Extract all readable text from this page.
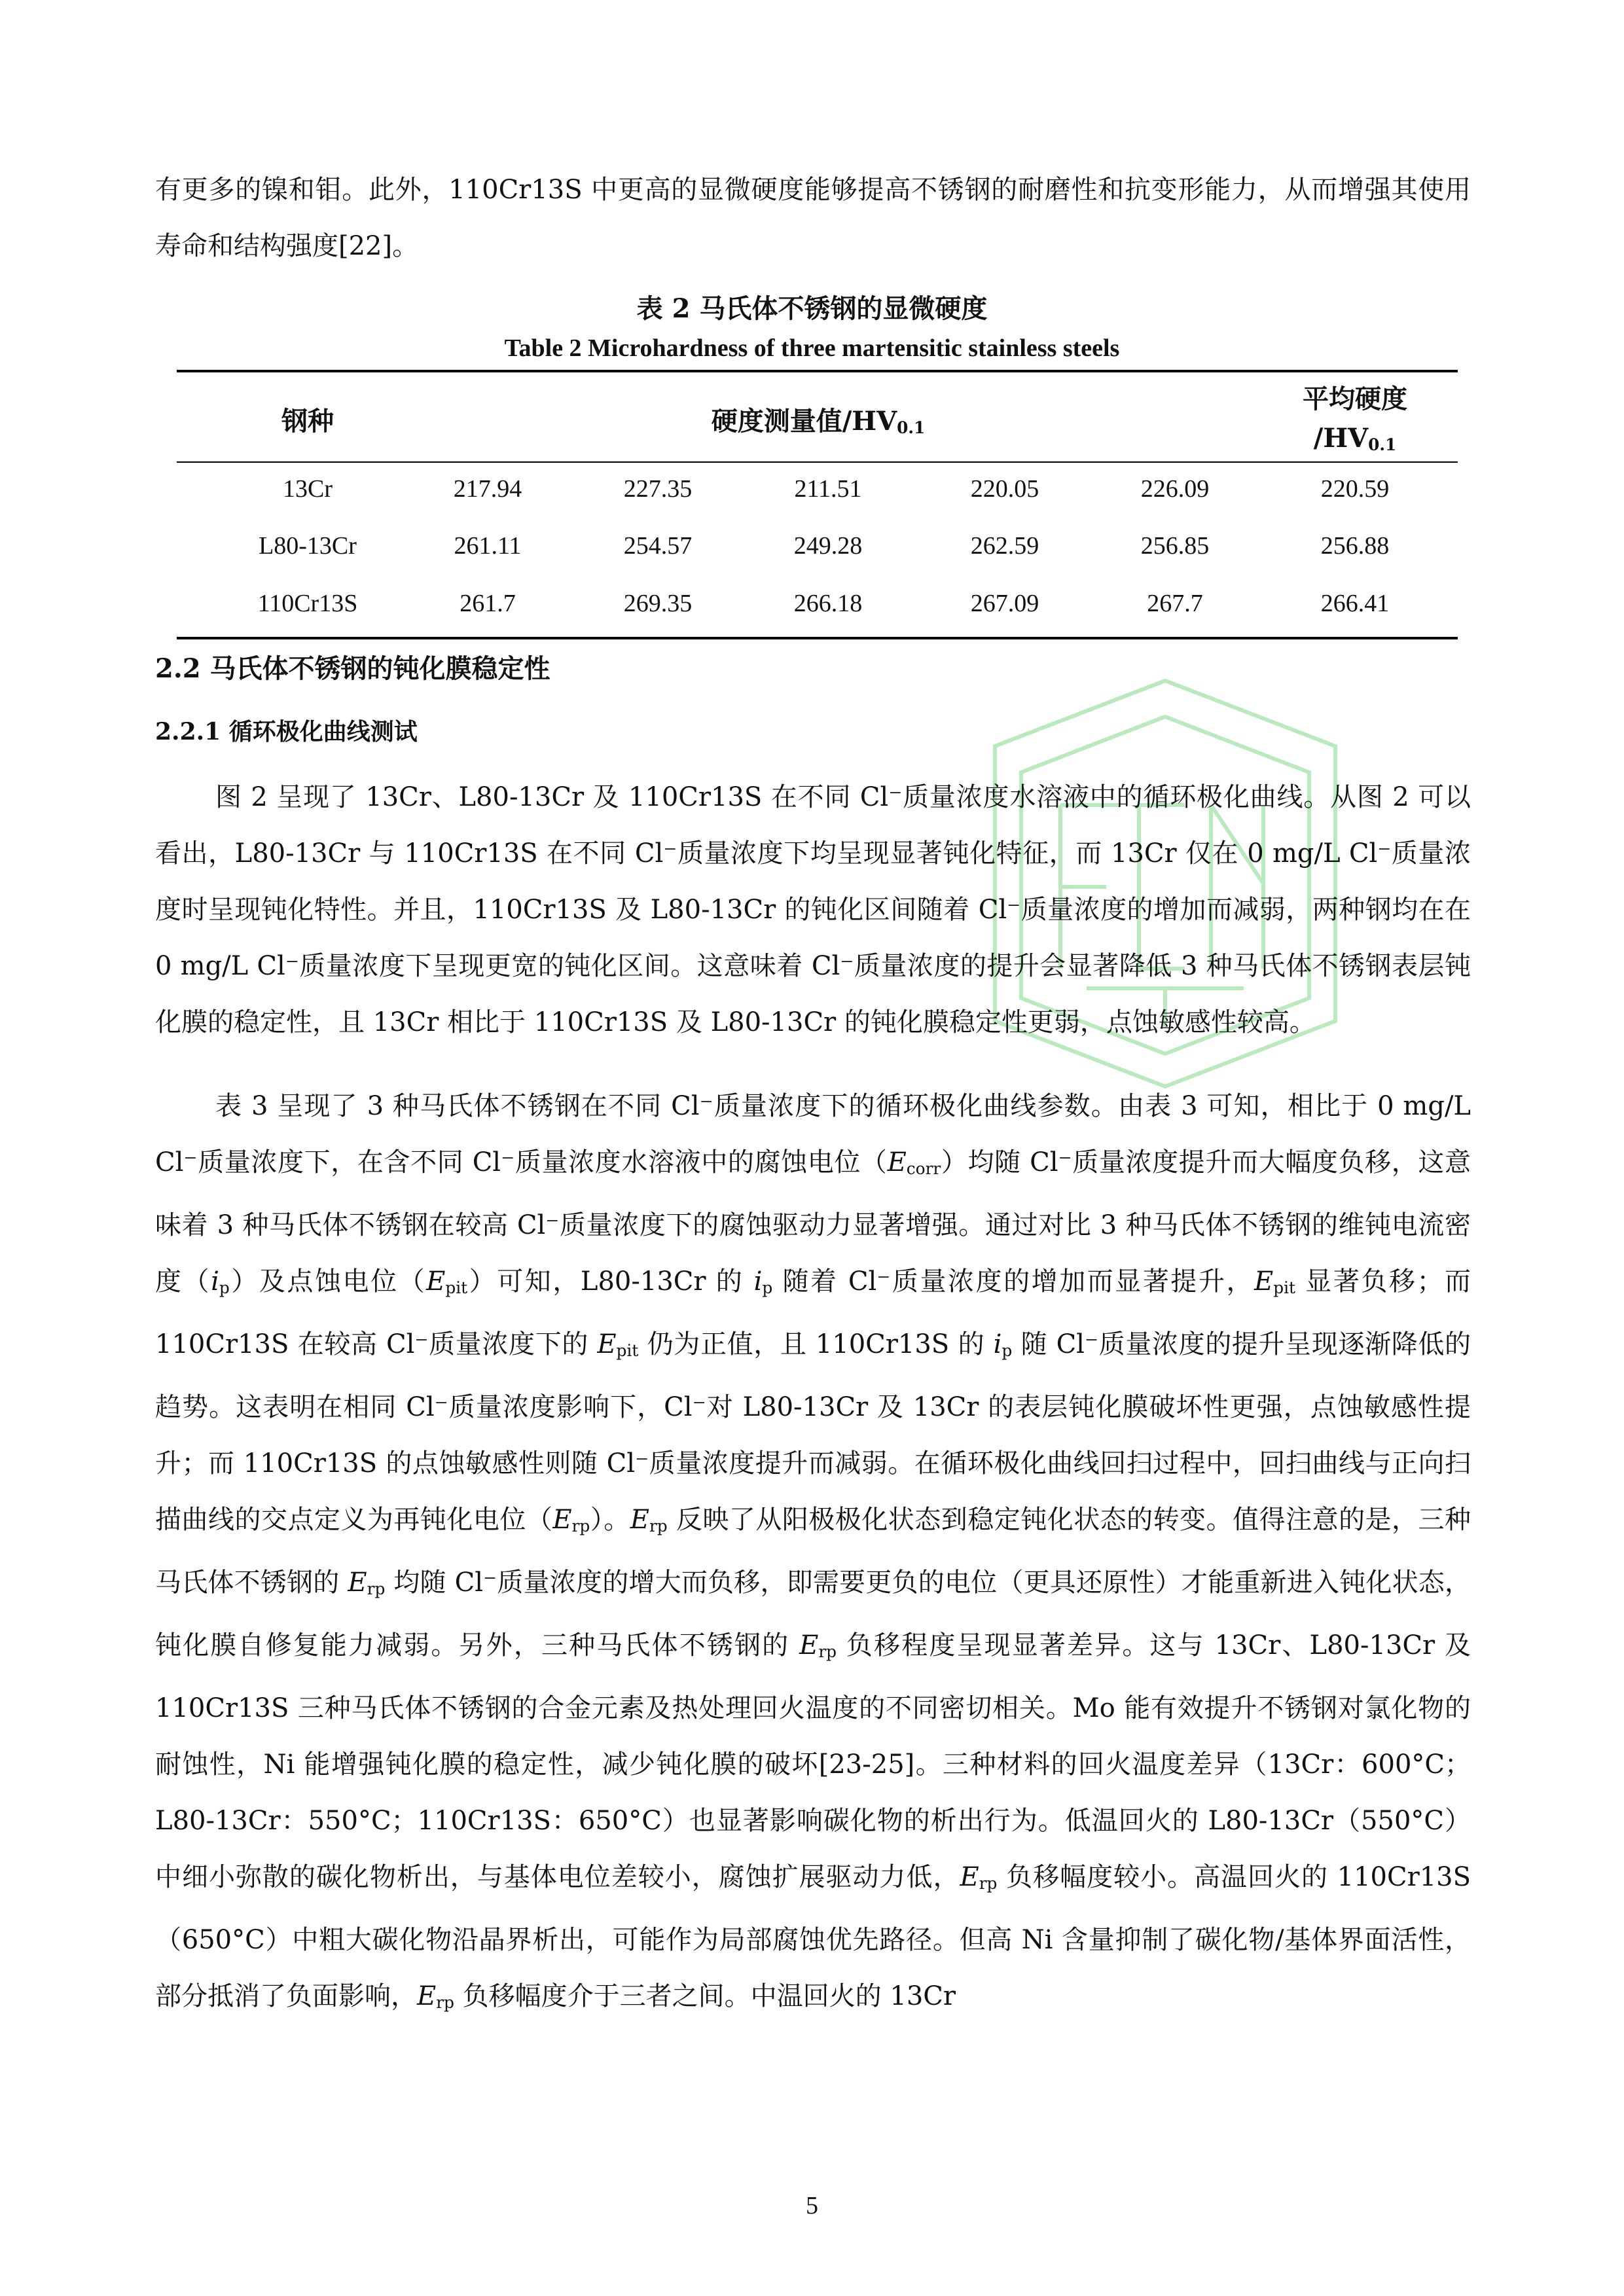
有更多的镍和钼。此外，110Cr13S 中更高的显微硬度能够提高不锈钢的耐磨性和抗变形能力，从而增强其使用寿命和结构强度[22]。

表 2 马氏体不锈钢的显微硬度
Table 2 Microhardness of three martensitic stainless steels
钢种	硬度测量值$/HV_{0.1}$
平均硬度
$/HV_{0.1}$
13Cr	217.94	227.35	211.51	220.05	226.09	220.59
L80-13Cr	261.11	254.57	249.28	262.59	256.85	256.88
110Cr13S	261.7	269.35	266.18	267.09	267.7	266.41
2.2 马氏体不锈钢的钝化膜稳定性
2.2.1 循环极化曲线测试

图 2 呈现了 13Cr、L80-13Cr 及 110Cr13S 在不同 Cl⁻质量浓度水溶液中的循环极化曲线。从图 2 可以看出，L80-13Cr 与 110Cr13S 在不同 Cl⁻质量浓度下均呈现显著钝化特征，而 13Cr 仅在 0 mg/L Cl⁻质量浓度时呈现钝化特性。并且，110Cr13S 及 L80-13Cr 的钝化区间随着 Cl⁻质量浓度的增加而减弱，两种钢均在在 0 mg/L Cl⁻质量浓度下呈现更宽的钝化区间。这意味着 Cl⁻质量浓度的提升会显著降低 3 种马氏体不锈钢表层钝化膜的稳定性，且 13Cr 相比于 110Cr13S 及 L80-13Cr 的钝化膜稳定性更弱，点蚀敏感性较高。

表 3 呈现了 3 种马氏体不锈钢在不同 Cl⁻质量浓度下的循环极化曲线参数。由表 3 可知，相比于 0 mg/L Cl⁻质量浓度下，在含不同 Cl⁻质量浓度水溶液中的腐蚀电位$(E_{corr})$均随 Cl⁻质量浓度提升而大幅度负移，这意味着 3 种马氏体不锈钢在较高 Cl⁻质量浓度下的腐蚀驱动力显著增强。通过对比 3 种马氏体不锈钢的维钝电流密度$(i_p)$及点蚀电位$(E_{pit})$可知，L80-13Cr 的 $i_p$ 随着 Cl⁻质量浓度的增加而显著提升，$E_{pit}$ 显著负移；而 110Cr13S 在较高 Cl⁻质量浓度下的 $E_{pit}$ 仍为正值，且 110Cr13S 的 $i_p$ 随 Cl⁻质量浓度的提升呈现逐渐降低的趋势。这表明在相同 Cl⁻质量浓度影响下，Cl⁻对 L80-13Cr 及 13Cr 的表层钝化膜破坏性更强，点蚀敏感性提升；而 110Cr13S 的点蚀敏感性则随 Cl⁻质量浓度提升而减弱。在循环极化曲线回扫过程中，回扫曲线与正向扫描曲线的交点定义为再钝化电位$(E_{rp})$。$E_{rp}$ 反映了从阳极极化状态到稳定钝化状态的转变。值得注意的是，三种马氏体不锈钢的 $E_{rp}$ 均随 Cl⁻质量浓度的增大而负移，即需要更负的电位（更具还原性）才能重新进入钝化状态，钝化膜自修复能力减弱。另外，三种马氏体不锈钢的 $E_{rp}$ 负移程度呈现显著差异。这与 13Cr、L80-13Cr 及 110Cr13S 三种马氏体不锈钢的合金元素及热处理回火温度的不同密切相关。Mo 能有效提升不锈钢对氯化物的耐蚀性，Ni 能增强钝化膜的稳定性，减少钝化膜的破坏[23-25]。三种材料的回火温度差异（13Cr：600°C；L80-13Cr：550°C；110Cr13S：650°C）也显著影响碳化物的析出行为。低温回火的 L80-13Cr（550°C）中细小弥散的碳化物析出，与基体电位差较小，腐蚀扩展驱动力低，$E_{rp}$ 负移幅度较小。高温回火的 110Cr13S（650°C）中粗大碳化物沿晶界析出，可能作为局部腐蚀优先路径。但高 Ni 含量抑制了碳化物/基体界面活性，部分抵消了负面影响，$E_{rp}$ 负移幅度介于三者之间。中温回火的 13Cr

5
